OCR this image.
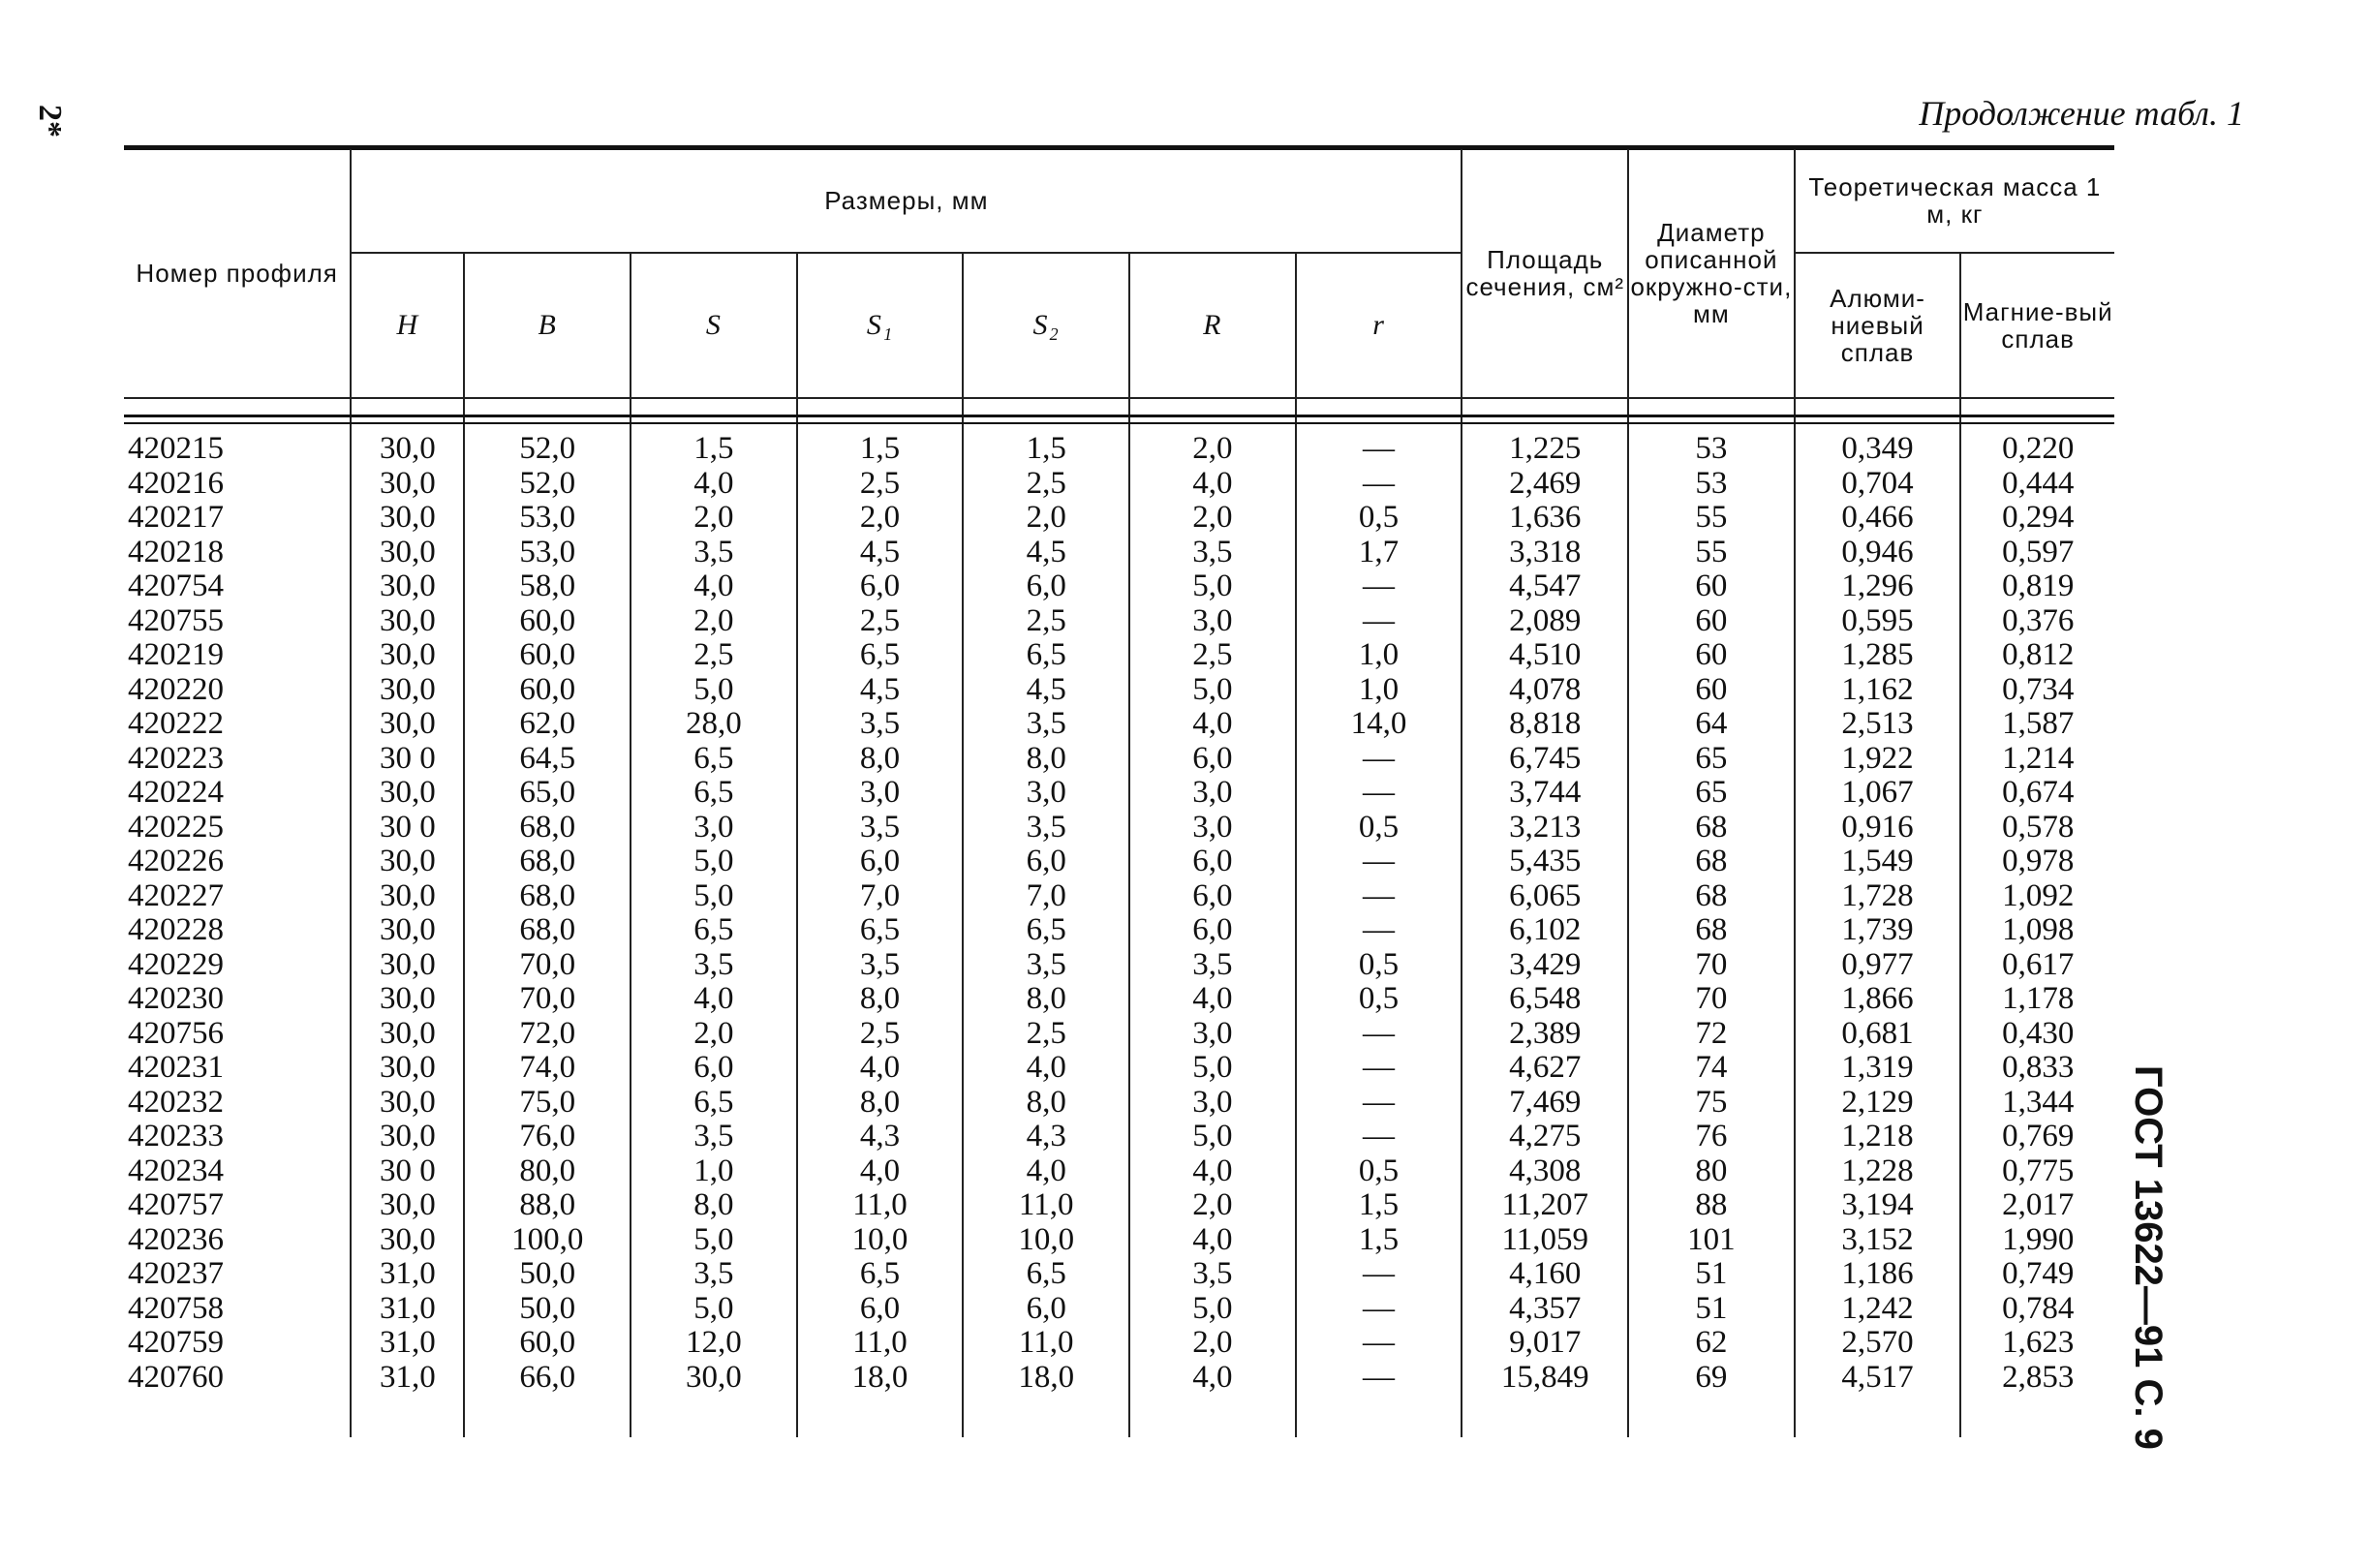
2*	Продолжение табл. 1
ГОСТ 13622—91 С. 9
Номер профиля	Размеры, мм							Площадь сечения, см²	Диаметр описанной окружно-сти, мм	Теоретическая масса 1 м, кг	
	H	B	S	S₁	S₂	R	r			Алюми-ниевый сплав	Магние-вый сплав

420215	30,0	52,0	1,5	1,5	1,5	2,0	—	1,225	53	0,349	0,220
420216	30,0	52,0	4,0	2,5	2,5	4,0	—	2,469	53	0,704	0,444
420217	30,0	53,0	2,0	2,0	2,0	2,0	0,5	1,636	55	0,466	0,294
420218	30,0	53,0	3,5	4,5	4,5	3,5	1,7	3,318	55	0,946	0,597
420754	30,0	58,0	4,0	6,0	6,0	5,0	—	4,547	60	1,296	0,819
420755	30,0	60,0	2,0	2,5	2,5	3,0	—	2,089	60	0,595	0,376
420219	30,0	60,0	2,5	6,5	6,5	2,5	1,0	4,510	60	1,285	0,812
420220	30,0	60,0	5,0	4,5	4,5	5,0	1,0	4,078	60	1,162	0,734
420222	30,0	62,0	28,0	3,5	3,5	4,0	14,0	8,818	64	2,513	1,587
420223	30 0	64,5	6,5	8,0	8,0	6,0	—	6,745	65	1,922	1,214
420224	30,0	65,0	6,5	3,0	3,0	3,0	—	3,744	65	1,067	0,674
420225	30 0	68,0	3,0	3,5	3,5	3,0	0,5	3,213	68	0,916	0,578
420226	30,0	68,0	5,0	6,0	6,0	6,0	—	5,435	68	1,549	0,978
420227	30,0	68,0	5,0	7,0	7,0	6,0	—	6,065	68	1,728	1,092
420228	30,0	68,0	6,5	6,5	6,5	6,0	—	6,102	68	1,739	1,098
420229	30,0	70,0	3,5	3,5	3,5	3,5	0,5	3,429	70	0,977	0,617
420230	30,0	70,0	4,0	8,0	8,0	4,0	0,5	6,548	70	1,866	1,178
420756	30,0	72,0	2,0	2,5	2,5	3,0	—	2,389	72	0,681	0,430
420231	30,0	74,0	6,0	4,0	4,0	5,0	—	4,627	74	1,319	0,833
420232	30,0	75,0	6,5	8,0	8,0	3,0	—	7,469	75	2,129	1,344
420233	30,0	76,0	3,5	4,3	4,3	5,0	—	4,275	76	1,218	0,769
420234	30 0	80,0	1,0	4,0	4,0	4,0	0,5	4,308	80	1,228	0,775
420757	30,0	88,0	8,0	11,0	11,0	2,0	1,5	11,207	88	3,194	2,017
420236	30,0	100,0	5,0	10,0	10,0	4,0	1,5	11,059	101	3,152	1,990
420237	31,0	50,0	3,5	6,5	6,5	3,5	—	4,160	51	1,186	0,749
420758	31,0	50,0	5,0	6,0	6,0	5,0	—	4,357	51	1,242	0,784
420759	31,0	60,0	12,0	11,0	11,0	2,0	—	9,017	62	2,570	1,623
420760	31,0	66,0	30,0	18,0	18,0	4,0	—	15,849	69	4,517	2,853
